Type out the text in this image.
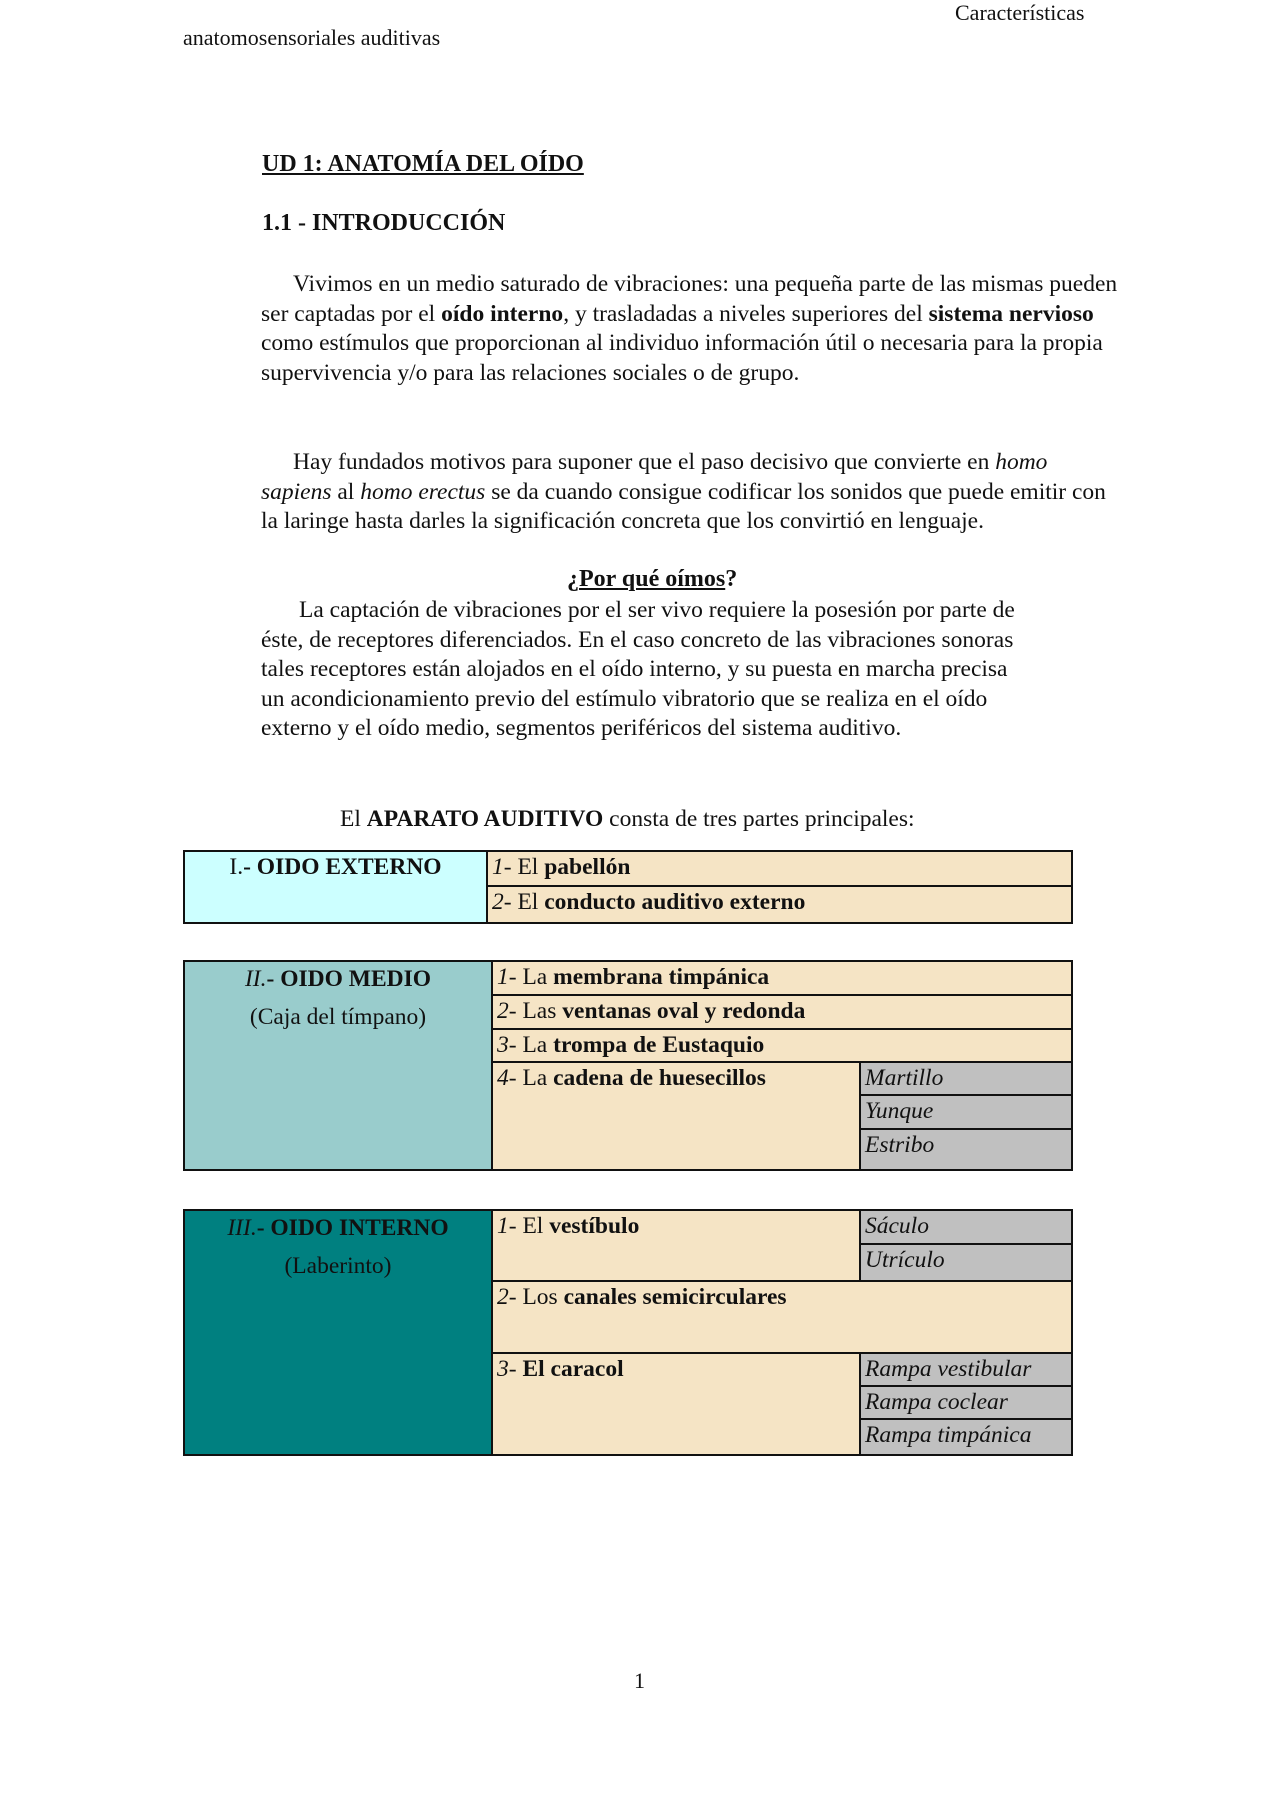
Características
anatomosensoriales auditivas
UD 1: ANATOMÍA DEL OÍDO
1.1 - INTRODUCCIÓN

Vivimos en un medio saturado de vibraciones: una pequeña parte de las mismas pueden ser captadas por el oído interno, y trasladadas a niveles superiores del sistema nervioso como estímulos que proporcionan al individuo información útil o necesaria para la propia supervivencia y/o para las relaciones sociales o de grupo.

Hay fundados motivos para suponer que el paso decisivo que convierte en homo sapiens al homo erectus se da cuando consigue codificar los sonidos que puede emitir con la laringe hasta darles la significación concreta que los convirtió en lenguaje.

¿Por qué oímos?

La captación de vibraciones por el ser vivo requiere la posesión por parte de éste, de receptores diferenciados. En el caso concreto de las vibraciones sonoras tales receptores están alojados en el oído interno, y su puesta en marcha precisa un acondicionamiento previo del estímulo vibratorio que se realiza en el oído externo y el oído medio, segmentos periféricos del sistema auditivo.

El APARATO AUDITIVO consta de tres partes principales:
I.- OIDO EXTERNO	1- El pabellón
2- El conducto auditivo externo
II.- OIDO MEDIO
(Caja del tímpano)
1- La membrana timpánica
2- Las ventanas oval y redonda
3- La trompa de Eustaquio
4- La cadena de huesecillos	Martillo
Yunque
Estribo
III.- OIDO INTERNO
(Laberinto)
1- El vestíbulo	Sáculo
Utrículo
2- Los canales semicirculares
3- El caracol	Rampa vestibular
Rampa coclear
Rampa timpánica
1
